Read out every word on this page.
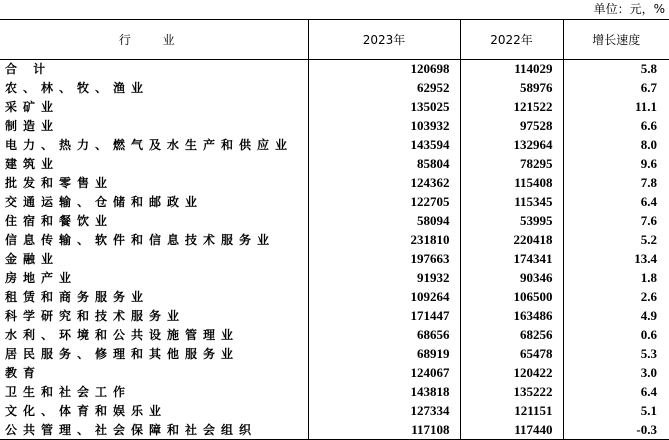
单位：元，%
行 业	2023年	2022年	增长速度
合 计	120698	114029	5.8
农、林、牧、渔业	62952	58976	6.7
采矿业	135025	121522	11.1
制造业	103932	97528	6.6
电力、热力、燃气及水生产和供应业	143594	132964	8.0
建筑业	85804	78295	9.6
批发和零售业	124362	115408	7.8
交通运输、仓储和邮政业	122705	115345	6.4
住宿和餐饮业	58094	53995	7.6
信息传输、软件和信息技术服务业	231810	220418	5.2
金融业	197663	174341	13.4
房地产业	91932	90346	1.8
租赁和商务服务业	109264	106500	2.6
科学研究和技术服务业	171447	163486	4.9
水利、环境和公共设施管理业	68656	68256	0.6
居民服务、修理和其他服务业	68919	65478	5.3
教育	124067	120422	3.0
卫生和社会工作	143818	135222	6.4
文化、体育和娱乐业	127334	121151	5.1
公共管理、社会保障和社会组织	117108	117440	-0.3
